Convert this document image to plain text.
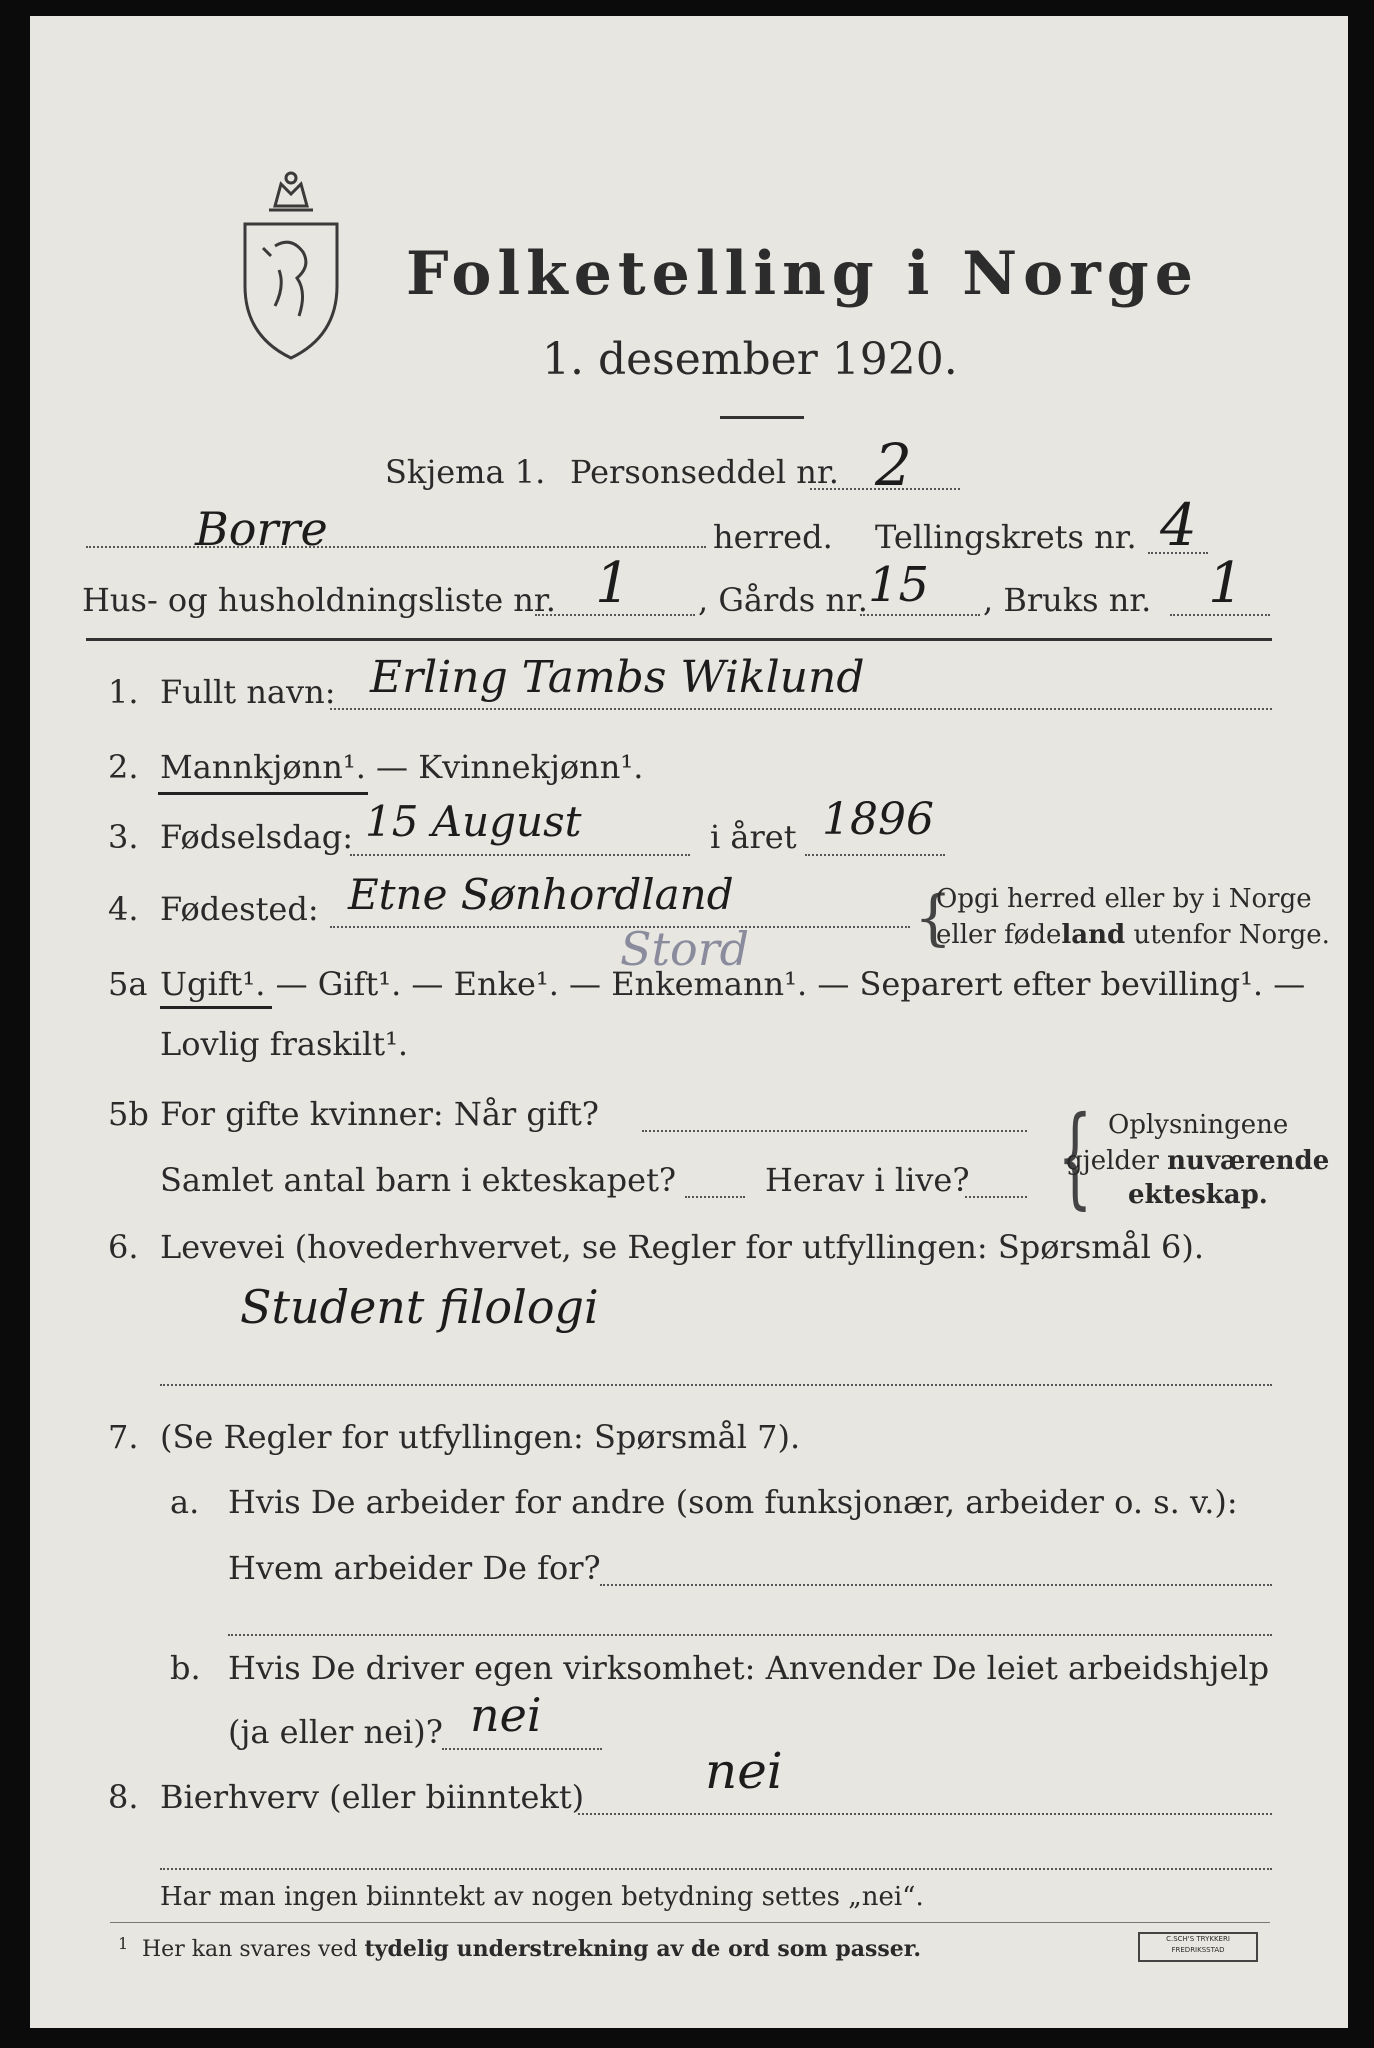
Folketelling i Norge
1. desember 1920.
Skjema 1. Personseddel nr. 2
Borre	herred. Tellingskrets nr. 4
Hus- og husholdningsliste nr. 1 , Gårds nr. 15 , Bruks nr. 1
1. Fullt navn: Erling Tambs Wiklund
2. Mannkjønn¹. — Kvinnekjønn¹.
3. Fødselsdag: 15 August	i året 1896
4. Fødested: Etne Sønhordland	{
Opgi herred eller by i Norge
eller fødeland utenfor Norge.
5a Ugift¹. — Gift¹. — Enke¹. — Enkemann¹. — Separert efter bevilling¹. —
Stord
Lovlig fraskilt¹.
5b For gifte kvinner: Når gift?
Samlet antal barn i ekteskapet?	Herav i live? { Oplysningene
gjelder nuværende
ekteskap.
6. Levevei (hovederhvervet, se Regler for utfyllingen: Spørsmål 6).
Student filologi
7. (Se Regler for utfyllingen: Spørsmål 7).
a. Hvis De arbeider for andre (som funksjonær, arbeider o. s. v.):
Hvem arbeider De for?
b. Hvis De driver egen virksomhet: Anvender De leiet arbeidshjelp
(ja eller nei)? nei
8. Bierhverv (eller biinntekt) nei
Har man ingen biinntekt av nogen betydning settes „nei“.
1 Her kan svares ved tydelig understrekning av de ord som passer.	C.SCH'S TRYKKERI FREDRIKSSTAD
